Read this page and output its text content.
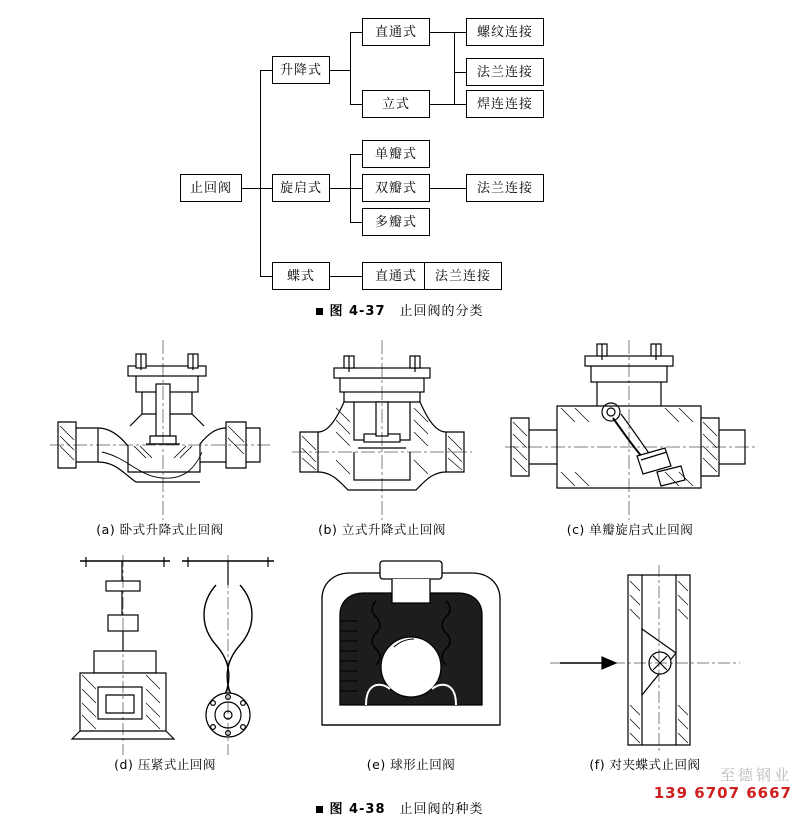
止回阀
升降式
旋启式
蝶式
直通式
立式
单瓣式
双瓣式
多瓣式
直通式
螺纹连接
法兰连接
焊连连接
法兰连接
法兰连接
图 4-37 止回阀的分类
(a) 卧式升降式止回阀	(b) 立式升降式止回阀	(c) 单瓣旋启式止回阀
(d) 压紧式止回阀	(e) 球形止回阀	(f) 对夹蝶式止回阀
图 4-38 止回阀的种类
至德钢业
139 6707 6667
